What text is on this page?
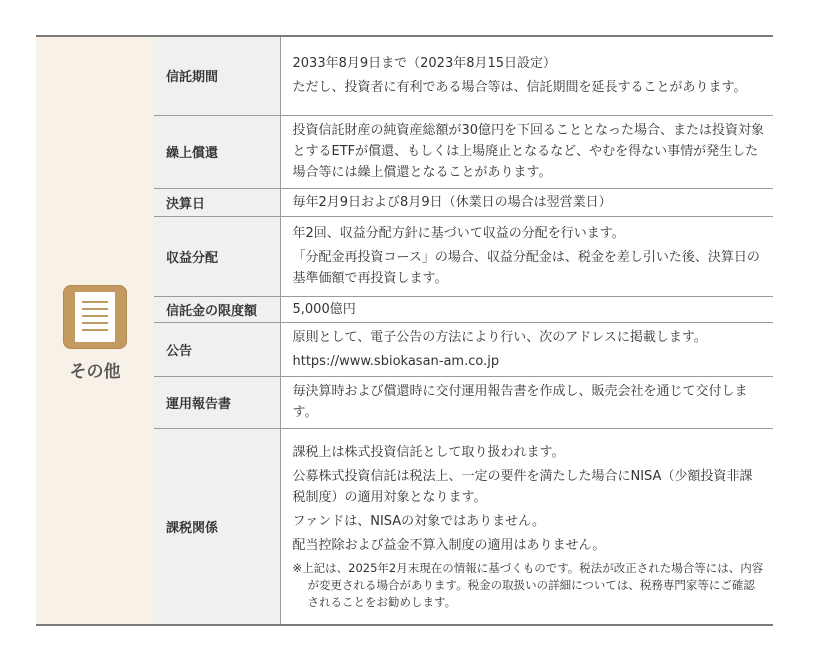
その他
信託期間	2033年8月9日まで（2023年8月15日設定）

ただし、投資者に有利である場合等は、信託期間を延長することがあります。

繰上償還	投資信託財産の純資産総額が30億円を下回ることとなった場合、または投資対象とするETFが償還、もしくは上場廃止となるなど、やむを得ない事情が発生した場合等には繰上償還となることがあります。

決算日	毎年2月9日および8月9日（休業日の場合は翌営業日）

収益分配	年2回、収益分配方針に基づいて収益の分配を行います。

「分配金再投資コース」の場合、収益分配金は、税金を差し引いた後、決算日の基準価額で再投資します。

信託金の限度額	5,000億円

公告	原則として、電子公告の方法により行い、次のアドレスに掲載します。

https://www.sbiokasan-am.co.jp

運用報告書	毎決算時および償還時に交付運用報告書を作成し、販売会社を通じて交付します。

課税関係	課税上は株式投資信託として取り扱われます。

公募株式投資信託は税法上、一定の要件を満たした場合にNISA（少額投資非課税制度）の適用対象となります。

ファンドは、NISAの対象ではありません。

配当控除および益金不算入制度の適用はありません。

※上記は、2025年2月末現在の情報に基づくものです。税法が改正された場合等には、内容が変更される場合があります。税金の取扱いの詳細については、税務専門家等にご確認されることをお勧めします。
